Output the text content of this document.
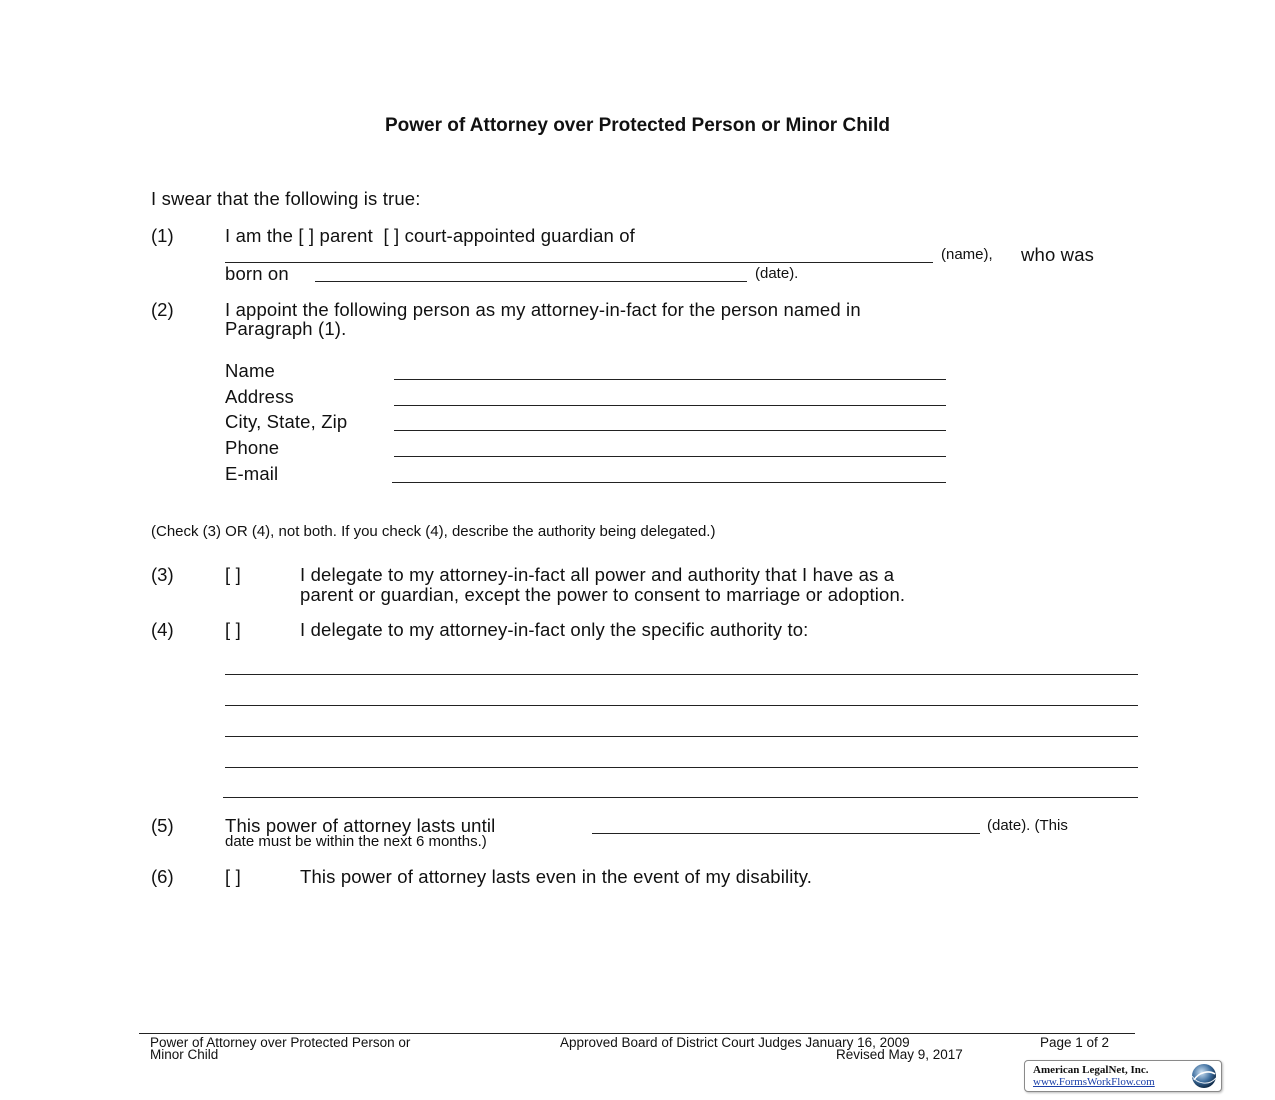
Power of Attorney over Protected Person or Minor Child
I swear that the following is true:
(1)	I am the [ ] parent [ ] court-appointed guardian of
(name), who was
born on	(date).
(2)	I appoint the following person as my attorney-in-fact for the person named in
Paragraph (1).
Name
Address
City, State, Zip
Phone
E-mail
(Check (3) OR (4), not both. If you check (4), describe the authority being delegated.)
(3)	[ ]	I delegate to my attorney-in-fact all power and authority that I have as a
parent or guardian, except the power to consent to marriage or adoption.
(4)	[ ]	I delegate to my attorney-in-fact only the specific authority to:
(5)	This power of attorney lasts until	(date). (This
date must be within the next 6 months.)
(6)	[ ]	This power of attorney lasts even in the event of my disability.
Power of Attorney over Protected Person or
Minor Child
Approved Board of District Court Judges January 16, 2009
Revised May 9, 2017
Page 1 of 2
American LegalNet, Inc.
www.FormsWorkFlow.com
